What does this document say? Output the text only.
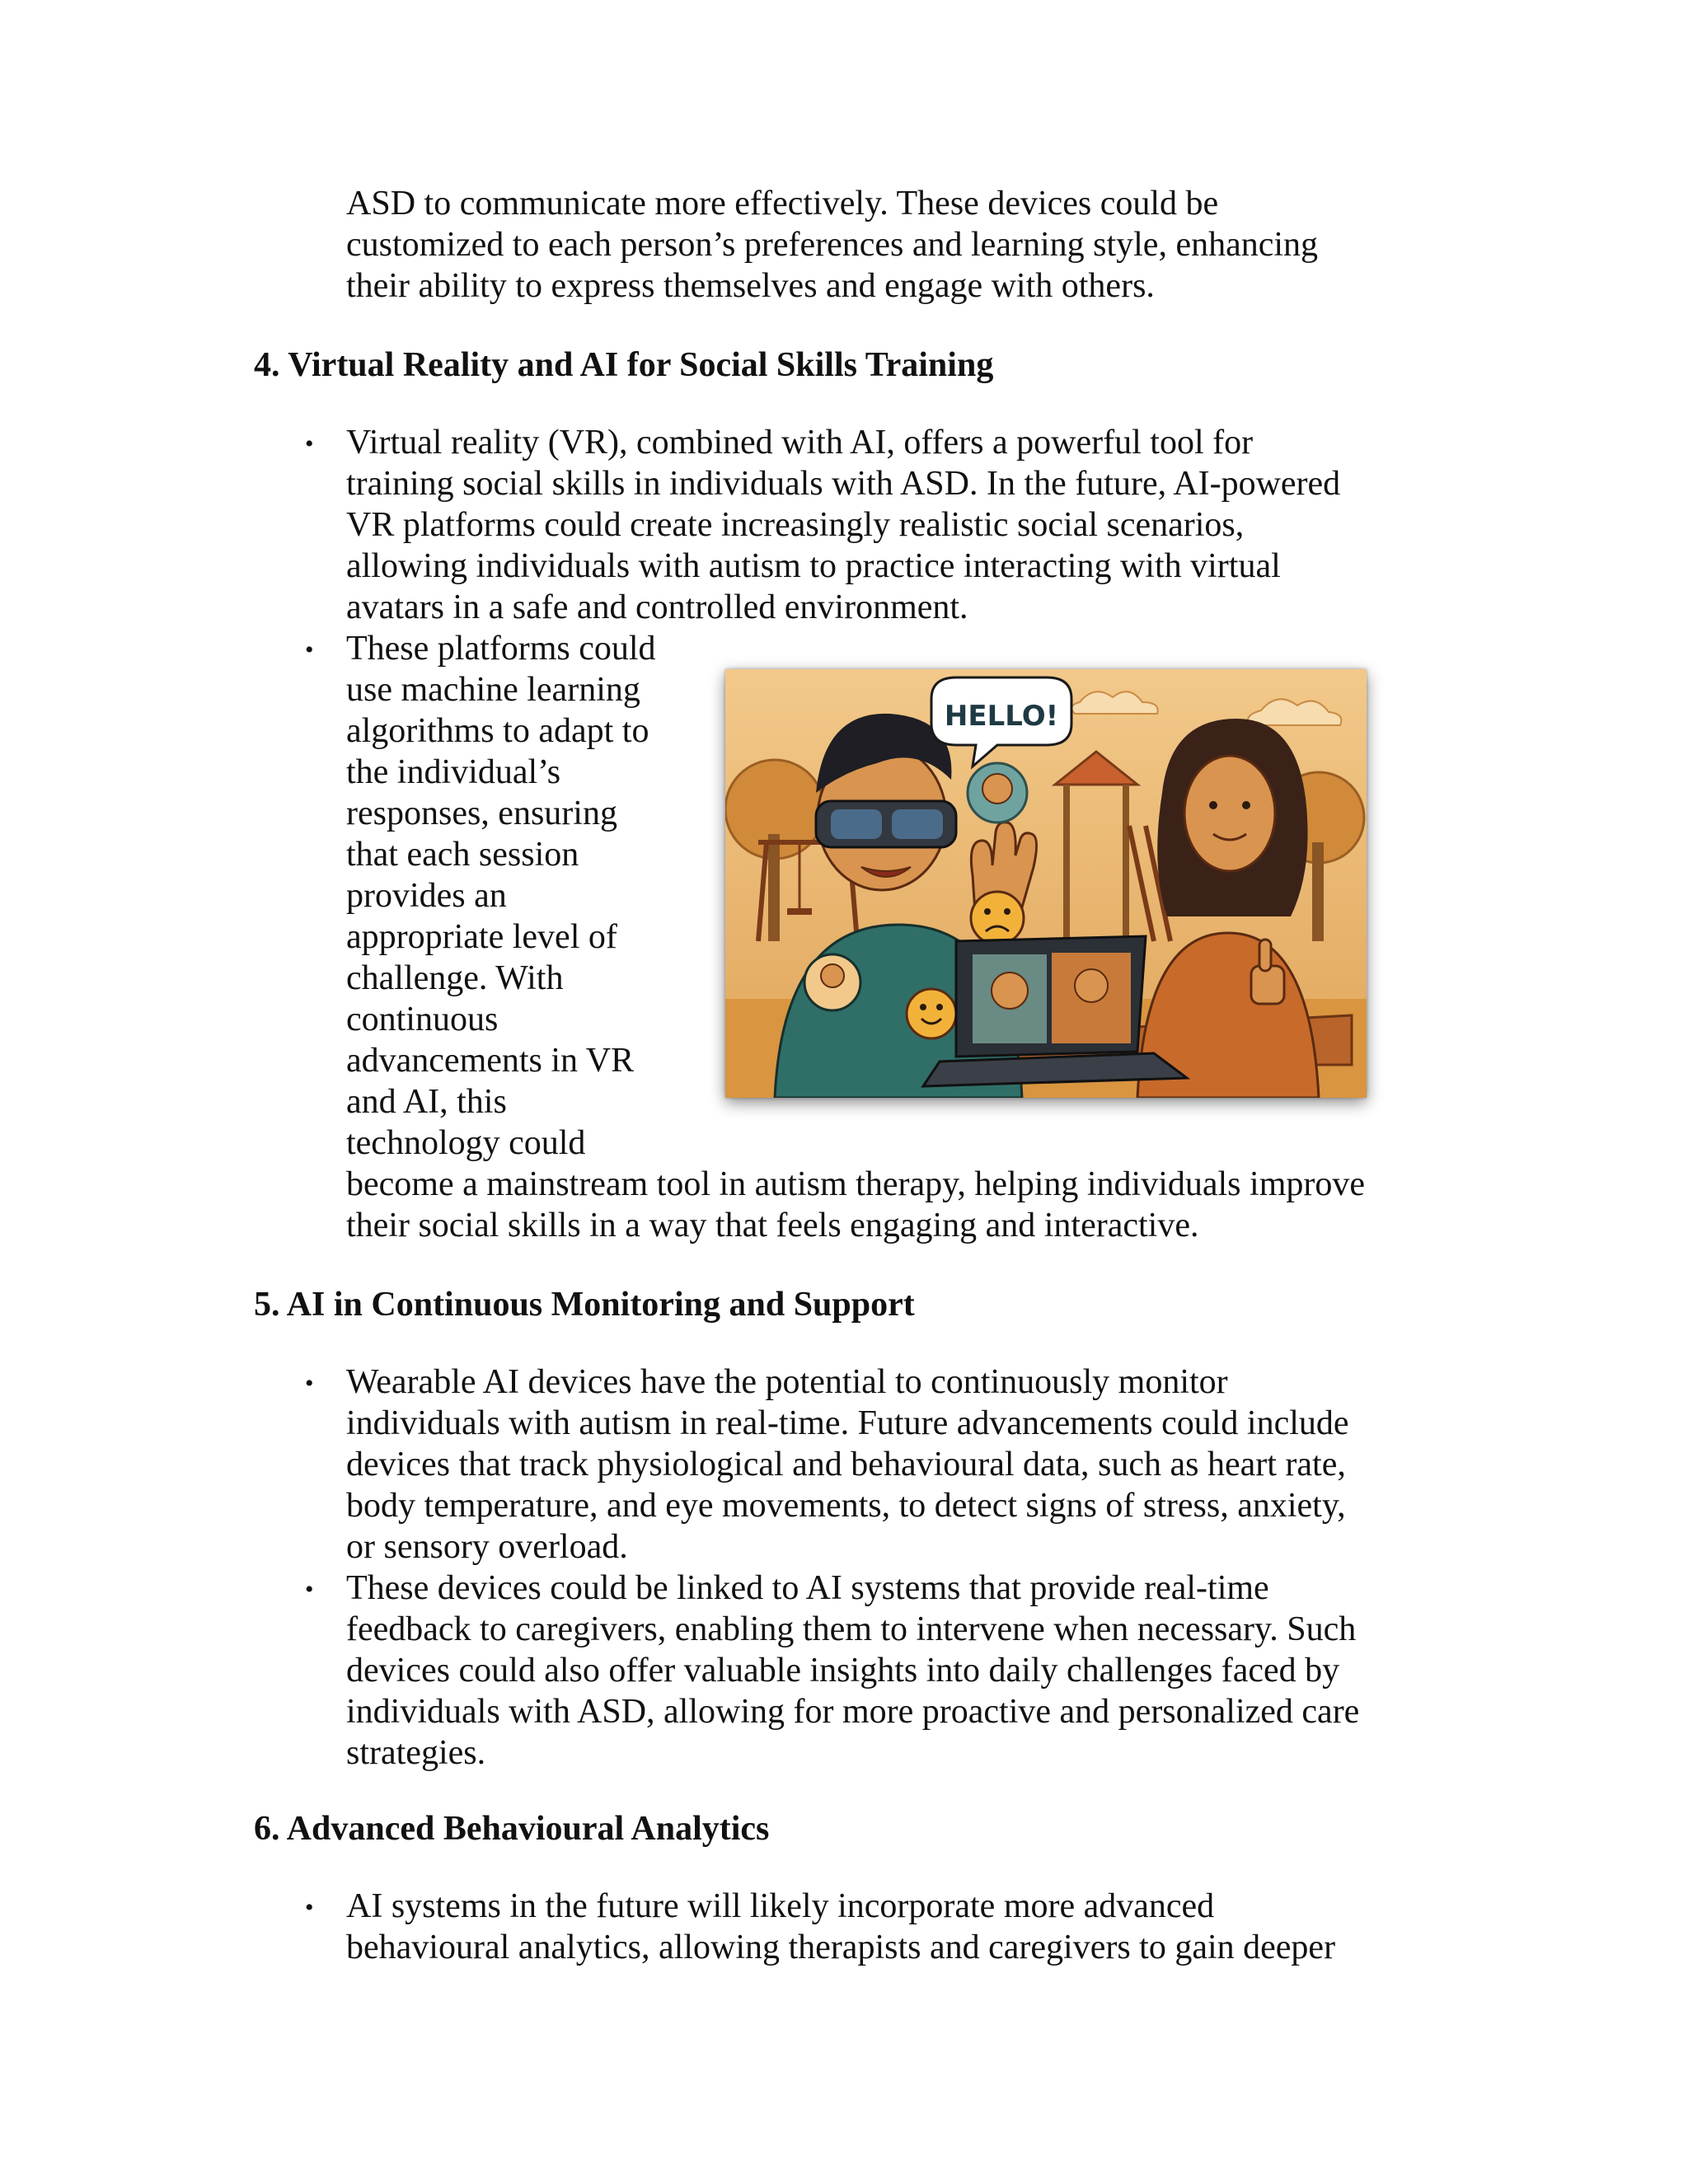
ASD to communicate more effectively. These devices could be
customized to each person’s preferences and learning style, enhancing
their ability to express themselves and engage with others.
4. Virtual Reality and AI for Social Skills Training
• Virtual reality (VR), combined with AI, offers a powerful tool for
training social skills in individuals with ASD. In the future, AI-powered
VR platforms could create increasingly realistic social scenarios,
allowing individuals with autism to practice interacting with virtual
avatars in a safe and controlled environment.
• These platforms could
use machine learning
algorithms to adapt to
the individual’s
responses, ensuring
that each session
provides an
appropriate level of
challenge. With
continuous
advancements in VR
and AI, this
technology could
become a mainstream tool in autism therapy, helping individuals improve
their social skills in a way that feels engaging and interactive.
HELLO!
5. AI in Continuous Monitoring and Support
• Wearable AI devices have the potential to continuously monitor
individuals with autism in real-time. Future advancements could include
devices that track physiological and behavioural data, such as heart rate,
body temperature, and eye movements, to detect signs of stress, anxiety,
or sensory overload.
• These devices could be linked to AI systems that provide real-time
feedback to caregivers, enabling them to intervene when necessary. Such
devices could also offer valuable insights into daily challenges faced by
individuals with ASD, allowing for more proactive and personalized care
strategies.
6. Advanced Behavioural Analytics
• AI systems in the future will likely incorporate more advanced
behavioural analytics, allowing therapists and caregivers to gain deeper
